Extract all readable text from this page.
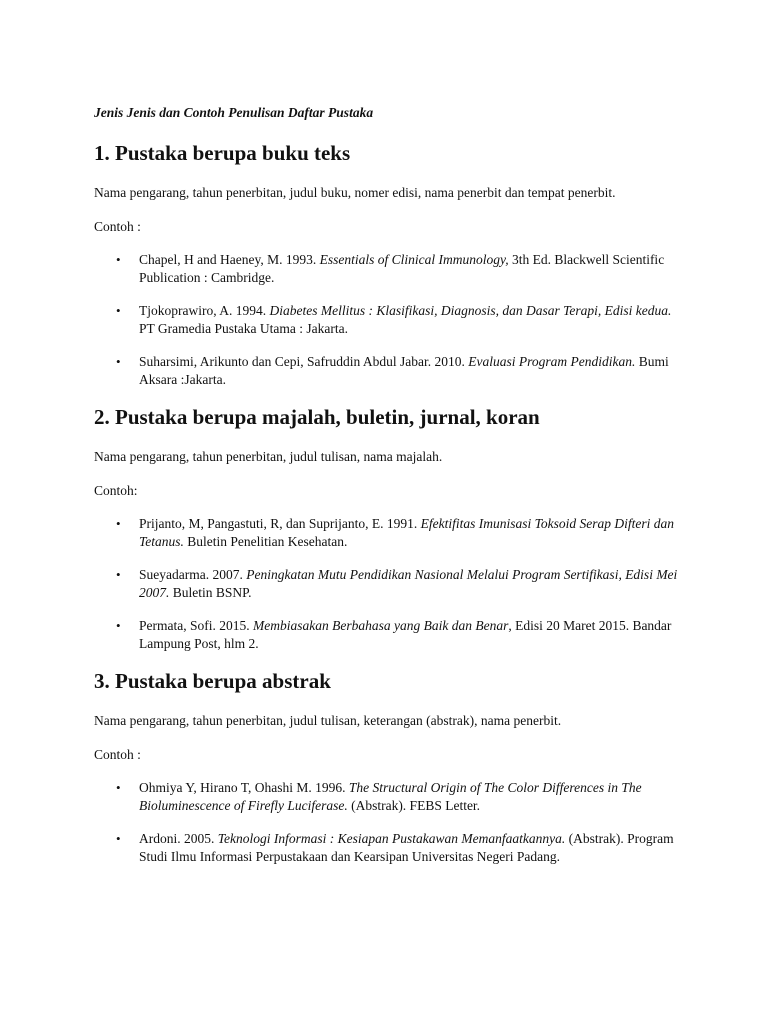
Jenis Jenis dan Contoh Penulisan Daftar Pustaka
1. Pustaka berupa buku teks

Nama pengarang, tahun penerbitan, judul buku, nomer edisi, nama penerbit dan tempat penerbit.

Contoh :

• Chapel, H and Haeney, M. 1993. Essentials of Clinical Immunology, 3th Ed. Blackwell Scientific Publication : Cambridge.
• Tjokoprawiro, A. 1994. Diabetes Mellitus : Klasifikasi, Diagnosis, dan Dasar Terapi, Edisi kedua. PT Gramedia Pustaka Utama : Jakarta.
• Suharsimi, Arikunto dan Cepi, Safruddin Abdul Jabar. 2010. Evaluasi Program Pendidikan. Bumi Aksara :Jakarta.
2. Pustaka berupa majalah, buletin, jurnal, koran

Nama pengarang, tahun penerbitan, judul tulisan, nama majalah.

Contoh:

• Prijanto, M, Pangastuti, R, dan Suprijanto, E. 1991. Efektifitas Imunisasi Toksoid Serap Difteri dan Tetanus. Buletin Penelitian Kesehatan.
• Sueyadarma. 2007. Peningkatan Mutu Pendidikan Nasional Melalui Program Sertifikasi, Edisi Mei 2007. Buletin BSNP.
• Permata, Sofi. 2015. Membiasakan Berbahasa yang Baik dan Benar, Edisi 20 Maret 2015. Bandar Lampung Post, hlm 2.
3. Pustaka berupa abstrak

Nama pengarang, tahun penerbitan, judul tulisan, keterangan (abstrak), nama penerbit.

Contoh :

• Ohmiya Y, Hirano T, Ohashi M. 1996. The Structural Origin of The Color Differences in The Bioluminescence of Firefly Luciferase. (Abstrak). FEBS Letter.
• Ardoni. 2005. Teknologi Informasi : Kesiapan Pustakawan Memanfaatkannya. (Abstrak). Program Studi Ilmu Informasi Perpustakaan dan Kearsipan Universitas Negeri Padang.
